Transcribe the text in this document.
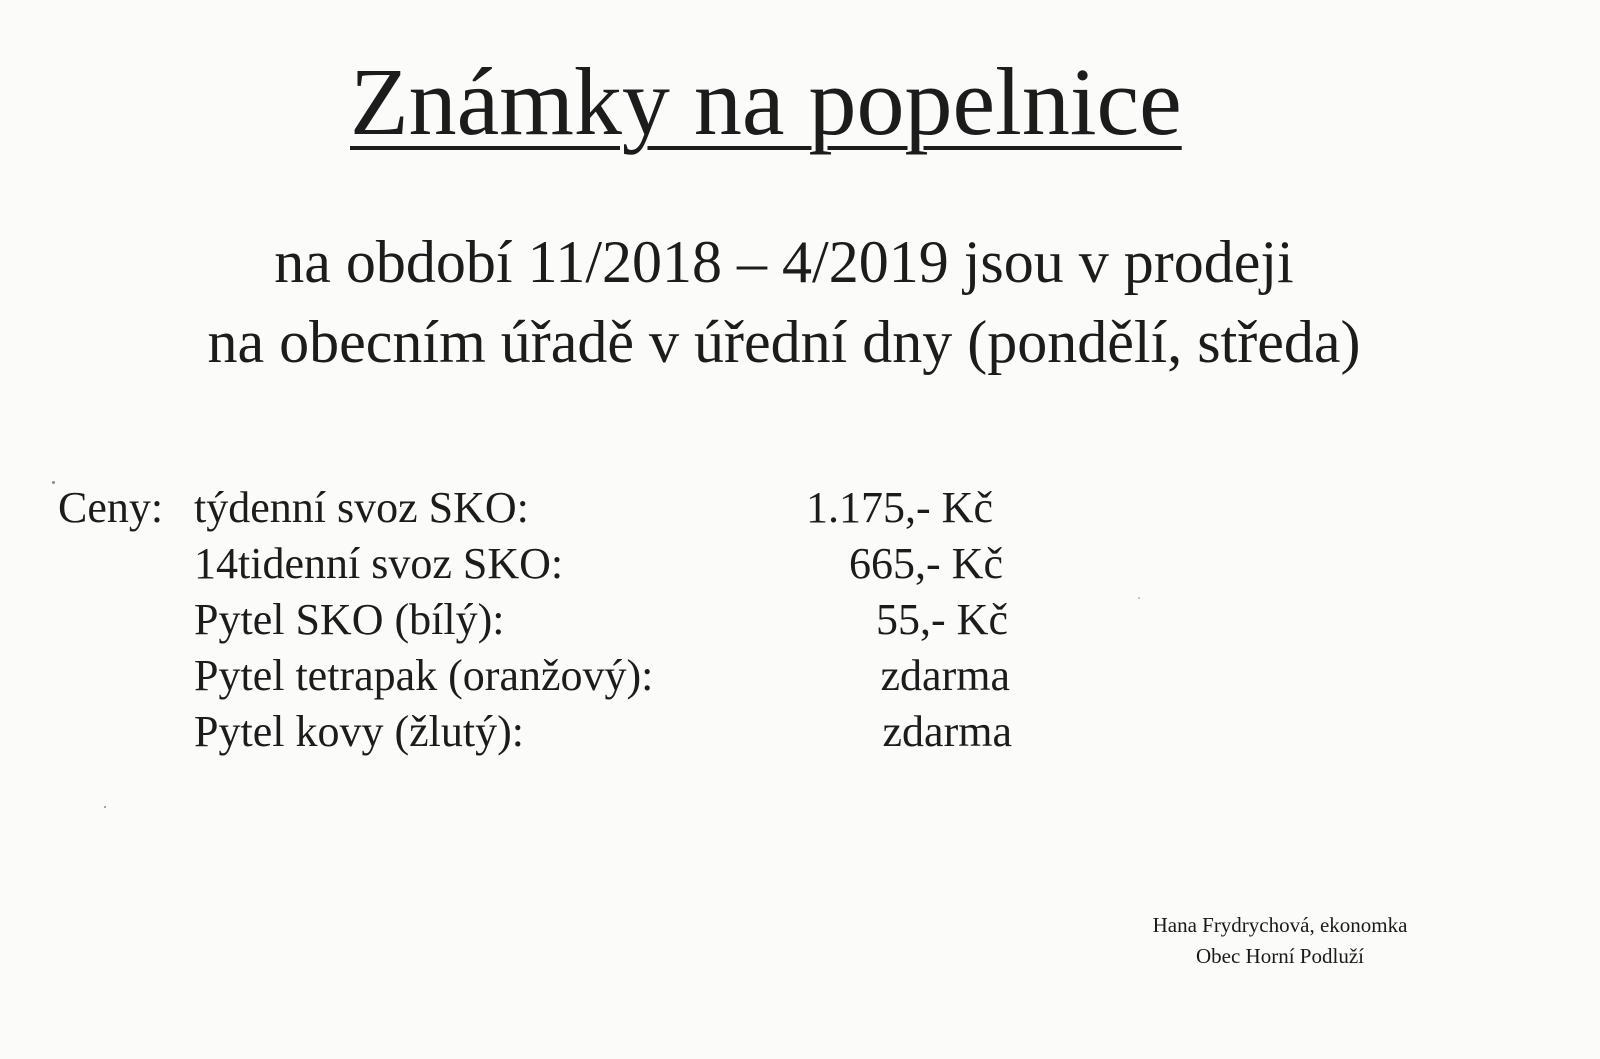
Známky na popelnice
na období 11/2018 – 4/2019 jsou v prodeji
na obecním úřadě v úřední dny (pondělí, středa)
Ceny: týdenní svoz SKO:	1.175,- Kč
14tidenní svoz SKO:	665,- Kč
Pytel SKO (bílý):	55,- Kč
Pytel tetrapak (oranžový):	zdarma
Pytel kovy (žlutý):	zdarma
Hana Frydrychová, ekonomka
Obec Horní Podluží
